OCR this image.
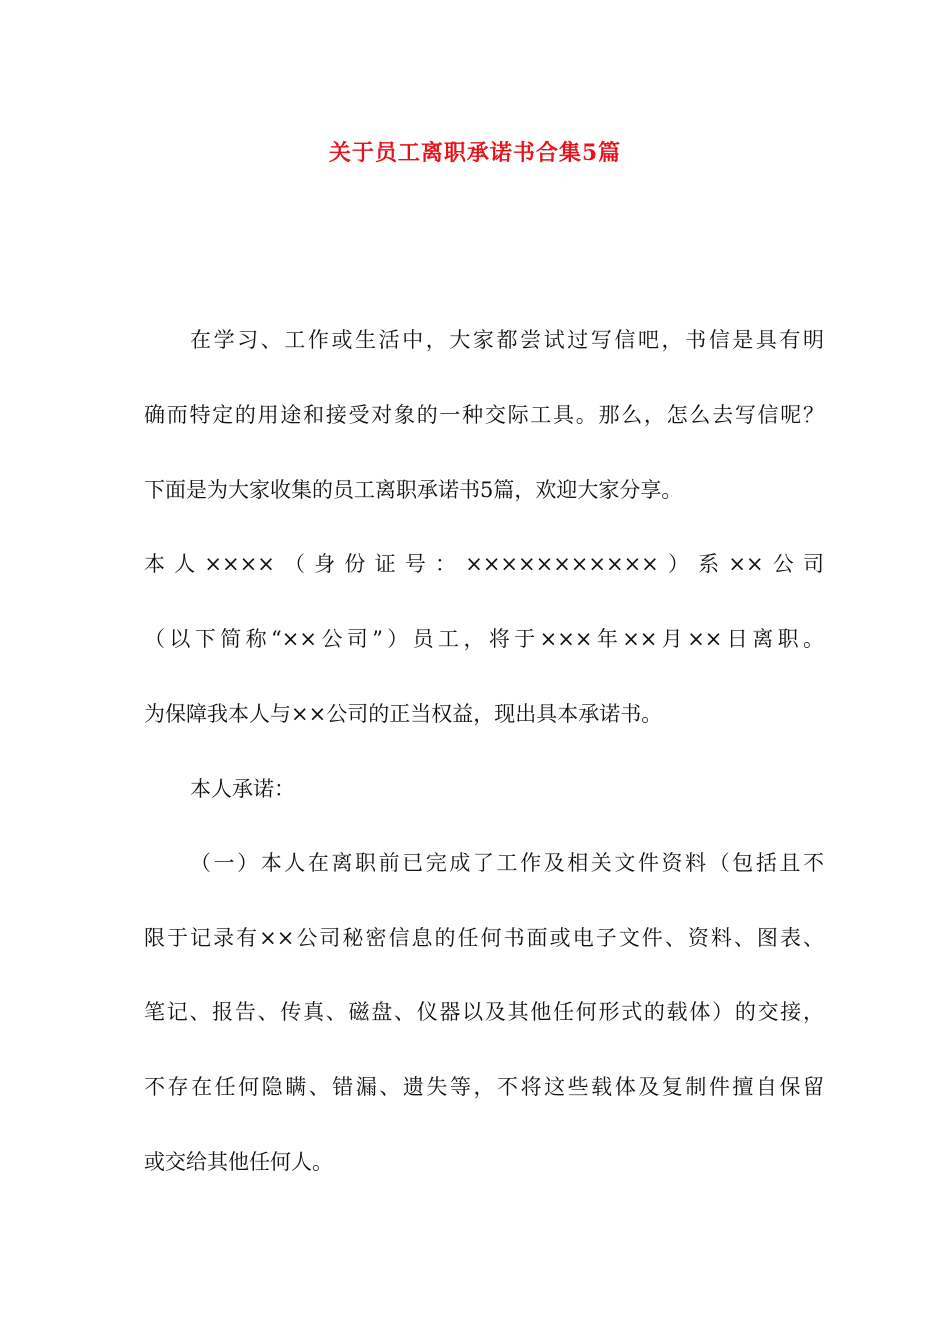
关于员工离职承诺书合集5篇

在学习、工作或生活中，大家都尝试过写信吧，书信是具有明

确而特定的用途和接受对象的一种交际工具。那么，怎么去写信呢？

下面是为大家收集的员工离职承诺书5篇，欢迎大家分享。

本人××××（身份证号：×××××××××××）系××公司

（以下简称“××公司”）员工，将于×××年××月××日离职。

为保障我本人与××公司的正当权益，现出具本承诺书。

本人承诺：

（一）本人在离职前已完成了工作及相关文件资料（包括且不

限于记录有××公司秘密信息的任何书面或电子文件、资料、图表、

笔记、报告、传真、磁盘、仪器以及其他任何形式的载体）的交接，

不存在任何隐瞒、错漏、遗失等，不将这些载体及复制件擅自保留

或交给其他任何人。
